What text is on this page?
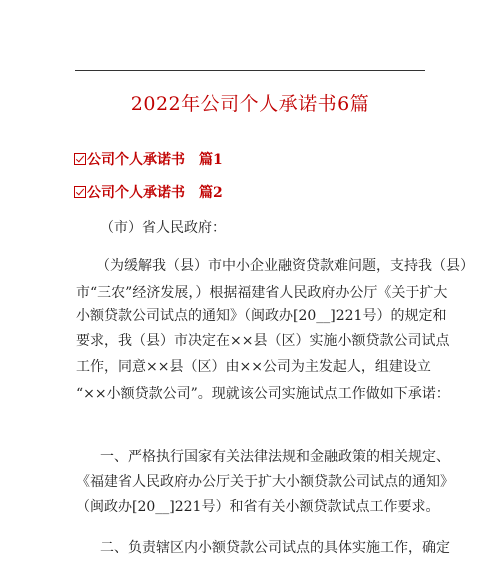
2022年公司个人承诺书6篇
公司个人承诺书 篇1
公司个人承诺书 篇2
（市）省人民政府：
（为缓解我（县）市中小企业融资贷款难问题，支持我（县）
市“三农”经济发展，）根据福建省人民政府办公厅《关于扩大
小额贷款公司试点的通知》（闽政办[20__]221号）的规定和
要求，我（县）市决定在××县（区）实施小额贷款公司试点
工作，同意××县（区）由××公司为主发起人，组建设立
“××小额贷款公司”。现就该公司实施试点工作做如下承诺：
一、严格执行国家有关法律法规和金融政策的相关规定、
《福建省人民政府办公厅关于扩大小额贷款公司试点的通知》
（闽政办[20__]221号）和省有关小额贷款试点工作要求。
二、负责辖区内小额贷款公司试点的具体实施工作，确定
